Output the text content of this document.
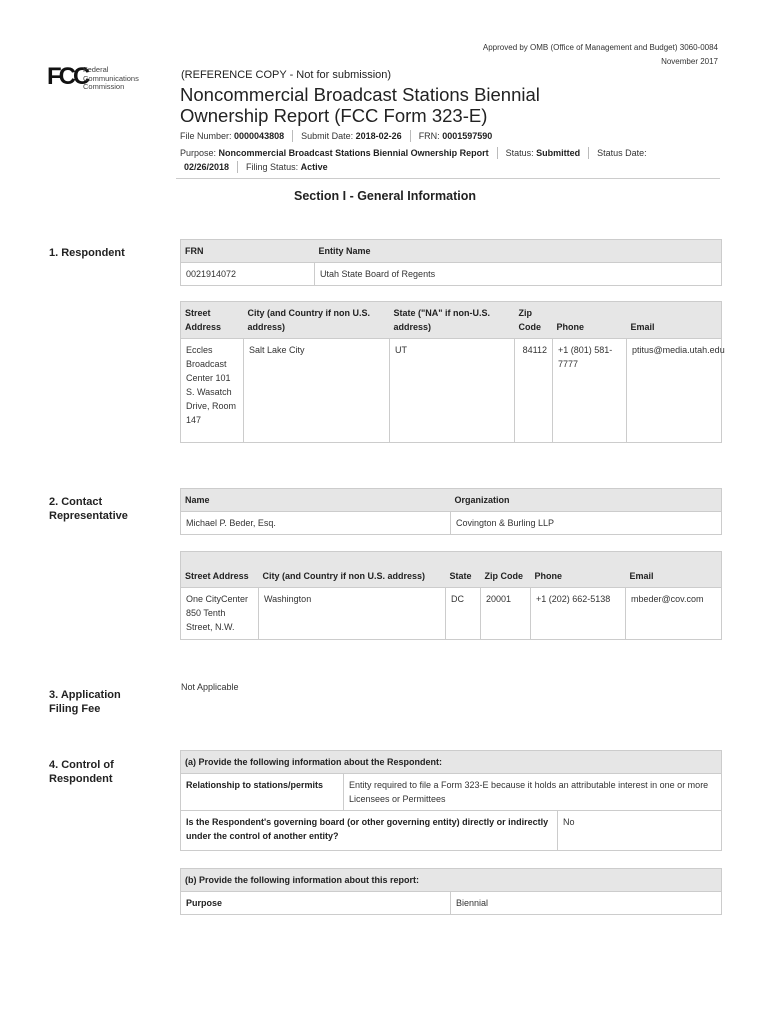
Approved by OMB (Office of Management and Budget) 3060-0084
November 2017
FCC
Federal
Communications
Commission
(REFERENCE COPY - Not for submission)
Noncommercial Broadcast Stations Biennial
Ownership Report (FCC Form 323-E)
File Number:
0000043808 Submit Date:
2018-02-26 FRN:
0001597590
Purpose:
Noncommercial Broadcast Stations Biennial Ownership Report Status:
Submitted Status Date:
02/26/2018 Filing Status:
Active
Section I - General Information
1. Respondent	FRN	Entity Name
0021914072	Utah State Board of Regents
Street Address	City (and Country if non U.S. address)	State ("NA" if non-U.S. address)	Zip Code	Phone	Email
Eccles Broadcast Center 101 S. Wasatch Drive, Room 147	Salt Lake City	UT	84112	+1 (801) 581-7777	ptitus@media.utah.edu
2. Contact
Representative
Name	Organization
Michael P. Beder, Esq.	Covington & Burling LLP
Street Address	City (and Country if non U.S. address)	State	Zip Code	Phone	Email
One CityCenter 850 Tenth Street, N.W.	Washington	DC	20001	+1 (202) 662-5138	mbeder@cov.com
3. Application
Filing Fee
Not Applicable
4. Control of
Respondent
(a) Provide the following information about the Respondent:		
Relationship to stations/permits	Entity required to file a Form 323-E because it holds an attributable interest in one or more Licensees or Permittees	
Is the Respondent's governing board (or other governing entity) directly or indirectly under the control of another entity?		No
(b) Provide the following information about this report:
Purpose	Biennial
